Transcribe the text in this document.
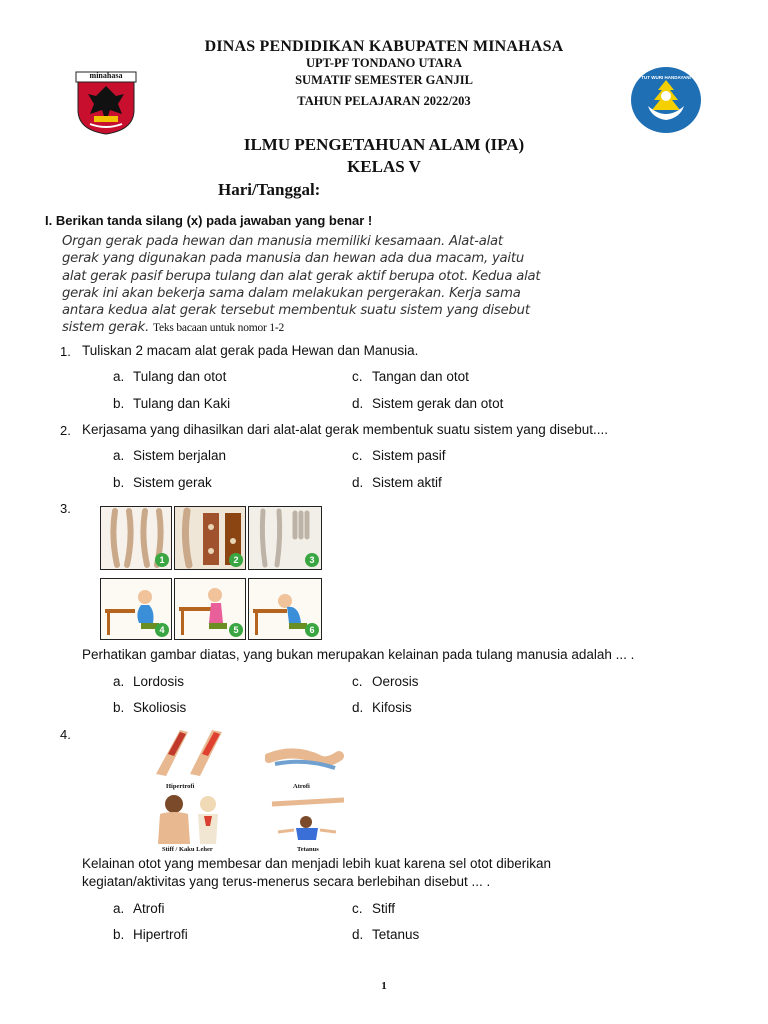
minahasa	TUT WURI HANDAYANI
DINAS PENDIDIKAN KABUPATEN MINAHASA
UPT-PF TONDANO UTARA
SUMATIF SEMESTER GANJIL
TAHUN PELAJARAN 2022/203
ILMU PENGETAHUAN ALAM (IPA)
KELAS V
Hari/Tanggal:
I. Berikan tanda silang (x) pada jawaban yang benar !
Organ gerak pada hewan dan manusia memiliki kesamaan. Alat-alat
gerak yang digunakan pada manusia dan hewan ada dua macam, yaitu
alat gerak pasif berupa tulang dan alat gerak aktif berupa otot. Kedua alat
gerak ini akan bekerja sama dalam melakukan pergerakan. Kerja sama
antara kedua alat gerak tersebut membentuk suatu sistem yang disebut
sistem gerak. Teks bacaan untuk nomor 1-2
1. Tuliskan 2 macam alat gerak pada Hewan dan Manusia.
a. Tulang dan otot
b. Tulang dan Kaki
c. Tangan dan otot
d. Sistem gerak dan otot
2. Kerjasama yang dihasilkan dari alat-alat gerak membentuk suatu sistem yang disebut....
a. Sistem berjalan
b. Sistem gerak
c. Sistem pasif
d. Sistem aktif
3.
1	2	3
4	5	6
Perhatikan gambar diatas, yang bukan merupakan kelainan pada tulang manusia adalah ... .
a. Lordosis
b. Skoliosis
c. Oerosis
d. Kifosis
4.
Hipertrofi	Atrofi
Stiff / Kaku Leher	Tetanus
Kelainan otot yang membesar dan menjadi lebih kuat karena sel otot diberikan
kegiatan/aktivitas yang terus-menerus secara berlebihan disebut ... .
a. Atrofi
b. Hipertrofi
c. Stiff
d. Tetanus
1
